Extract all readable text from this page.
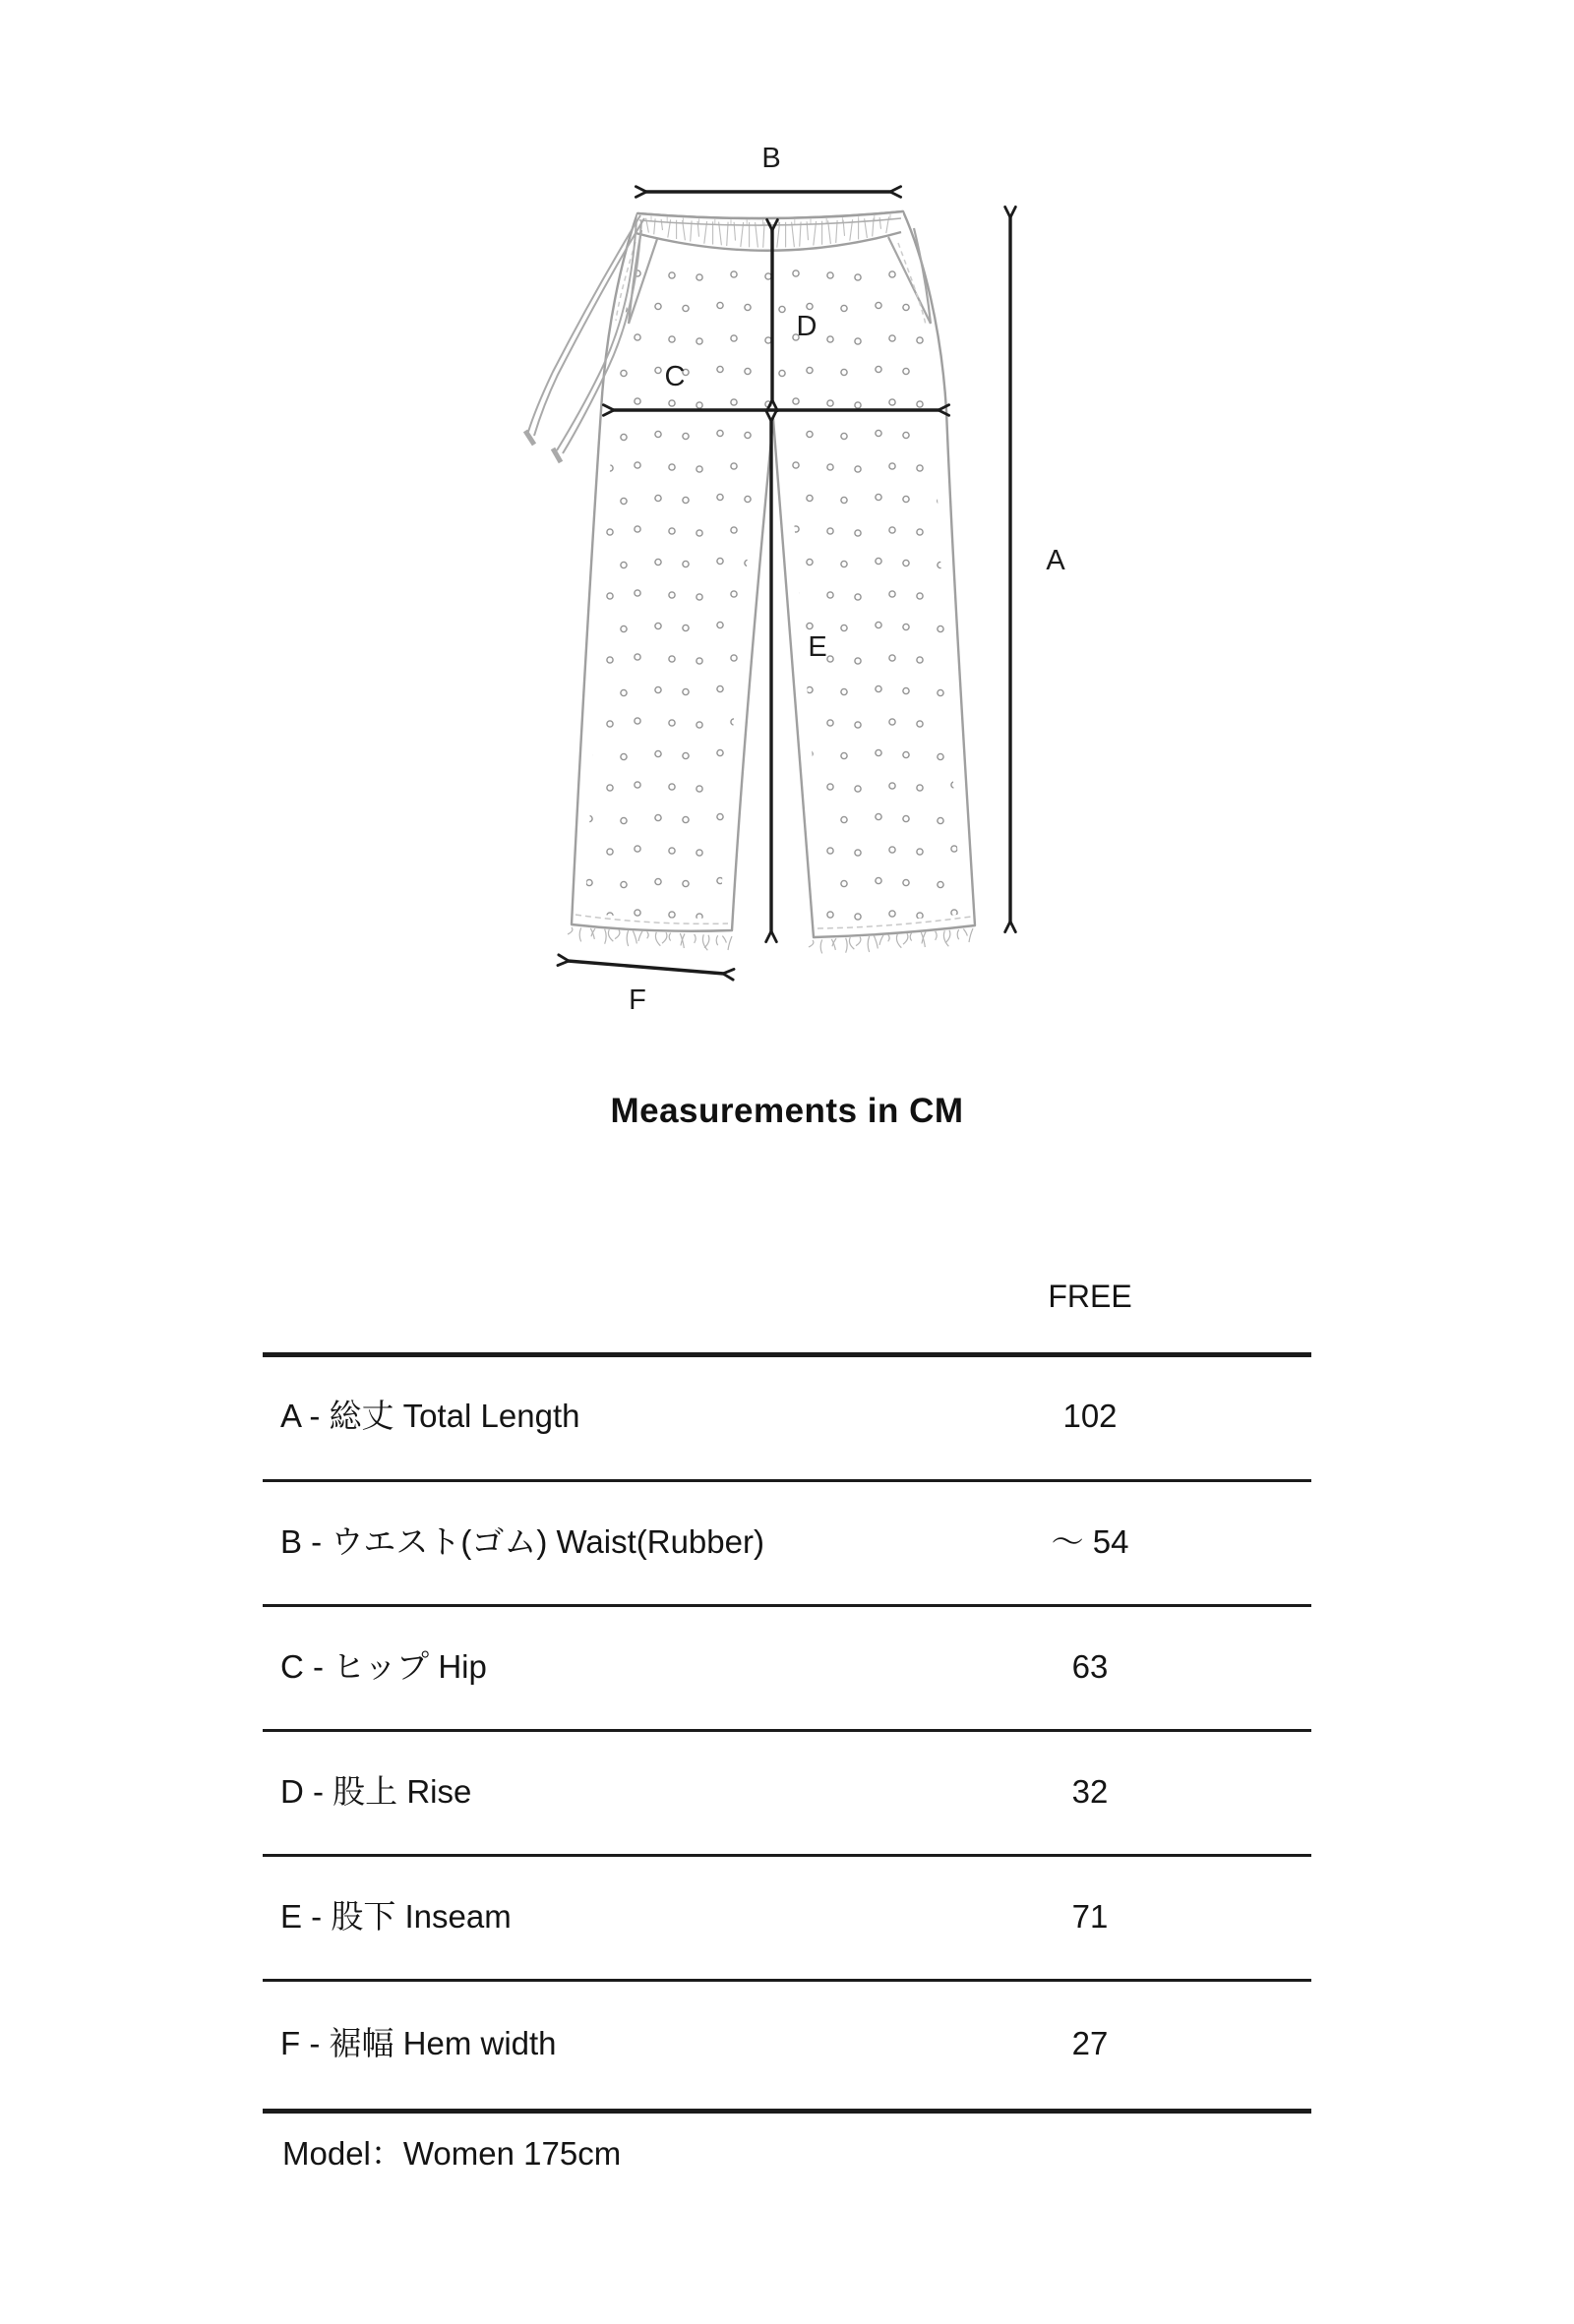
B
D
C
A
E
F
Measurements in CM
FREE
A - 総丈 Total Length	102
B - ウエスト(ゴム) Waist(Rubber)	～ 54
C - ヒップ Hip	63
D - 股上 Rise	32
E - 股下 Inseam	71
F - 裾幅 Hem width	27
Model：Women 175cm
